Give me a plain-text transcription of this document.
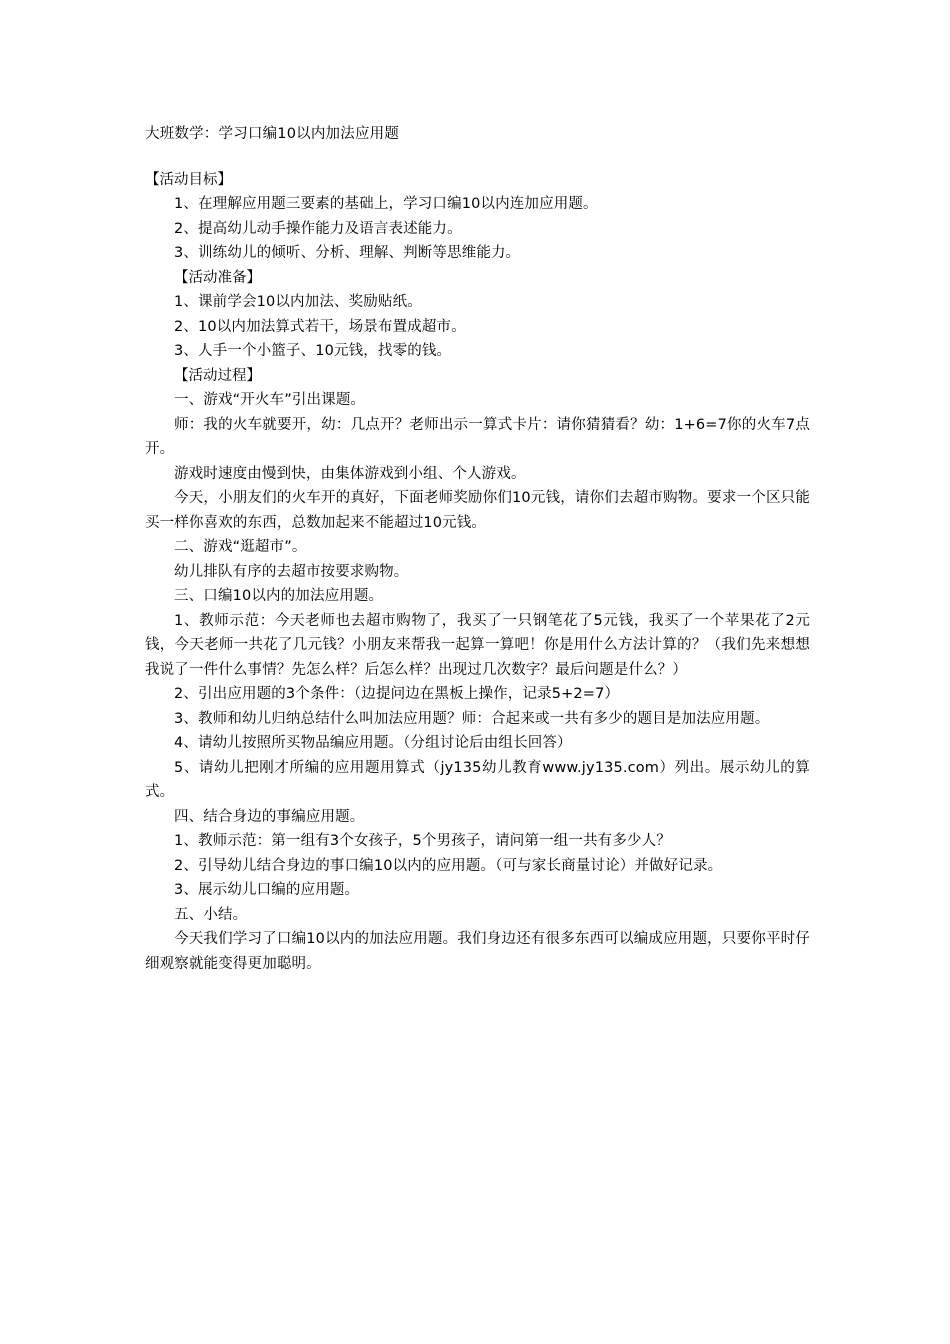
大班数学：学习口编10以内加法应用题

【活动目标】

1、在理解应用题三要素的基础上，学习口编10以内连加应用题。

2、提高幼儿动手操作能力及语言表述能力。

3、训练幼儿的倾听、分析、理解、判断等思维能力。

【活动准备】

1、课前学会10以内加法、奖励贴纸。

2、10以内加法算式若干，场景布置成超市。

3、人手一个小篮子、10元钱，找零的钱。

【活动过程】

一、游戏“开火车”引出课题。

师：我的火车就要开，幼：几点开？老师出示一算式卡片：请你猜猜看？幼：1+6=7你的火车7点开。

游戏时速度由慢到快，由集体游戏到小组、个人游戏。

今天，小朋友们的火车开的真好，下面老师奖励你们10元钱，请你们去超市购物。要求一个区只能买一样你喜欢的东西，总数加起来不能超过10元钱。

二、游戏“逛超市”。

幼儿排队有序的去超市按要求购物。

三、口编10以内的加法应用题。

1、教师示范：今天老师也去超市购物了，我买了一只钢笔花了5元钱，我买了一个苹果花了2元钱，今天老师一共花了几元钱？小朋友来帮我一起算一算吧！你是用什么方法计算的？（我们先来想想我说了一件什么事情？先怎么样？后怎么样？出现过几次数字？最后问题是什么？）

2、引出应用题的3个条件：（边提问边在黑板上操作，记录5+2=7）

3、教师和幼儿归纳总结什么叫加法应用题？师：合起来或一共有多少的题目是加法应用题。

4、请幼儿按照所买物品编应用题。（分组讨论后由组长回答）

5、请幼儿把刚才所编的应用题用算式（jy135幼儿教育www.jy135.com）列出。展示幼儿的算式。

四、结合身边的事编应用题。

1、教师示范：第一组有3个女孩子，5个男孩子，请问第一组一共有多少人？

2、引导幼儿结合身边的事口编10以内的应用题。（可与家长商量讨论）并做好记录。

3、展示幼儿口编的应用题。

五、小结。

今天我们学习了口编10以内的加法应用题。我们身边还有很多东西可以编成应用题，只要你平时仔细观察就能变得更加聪明。
